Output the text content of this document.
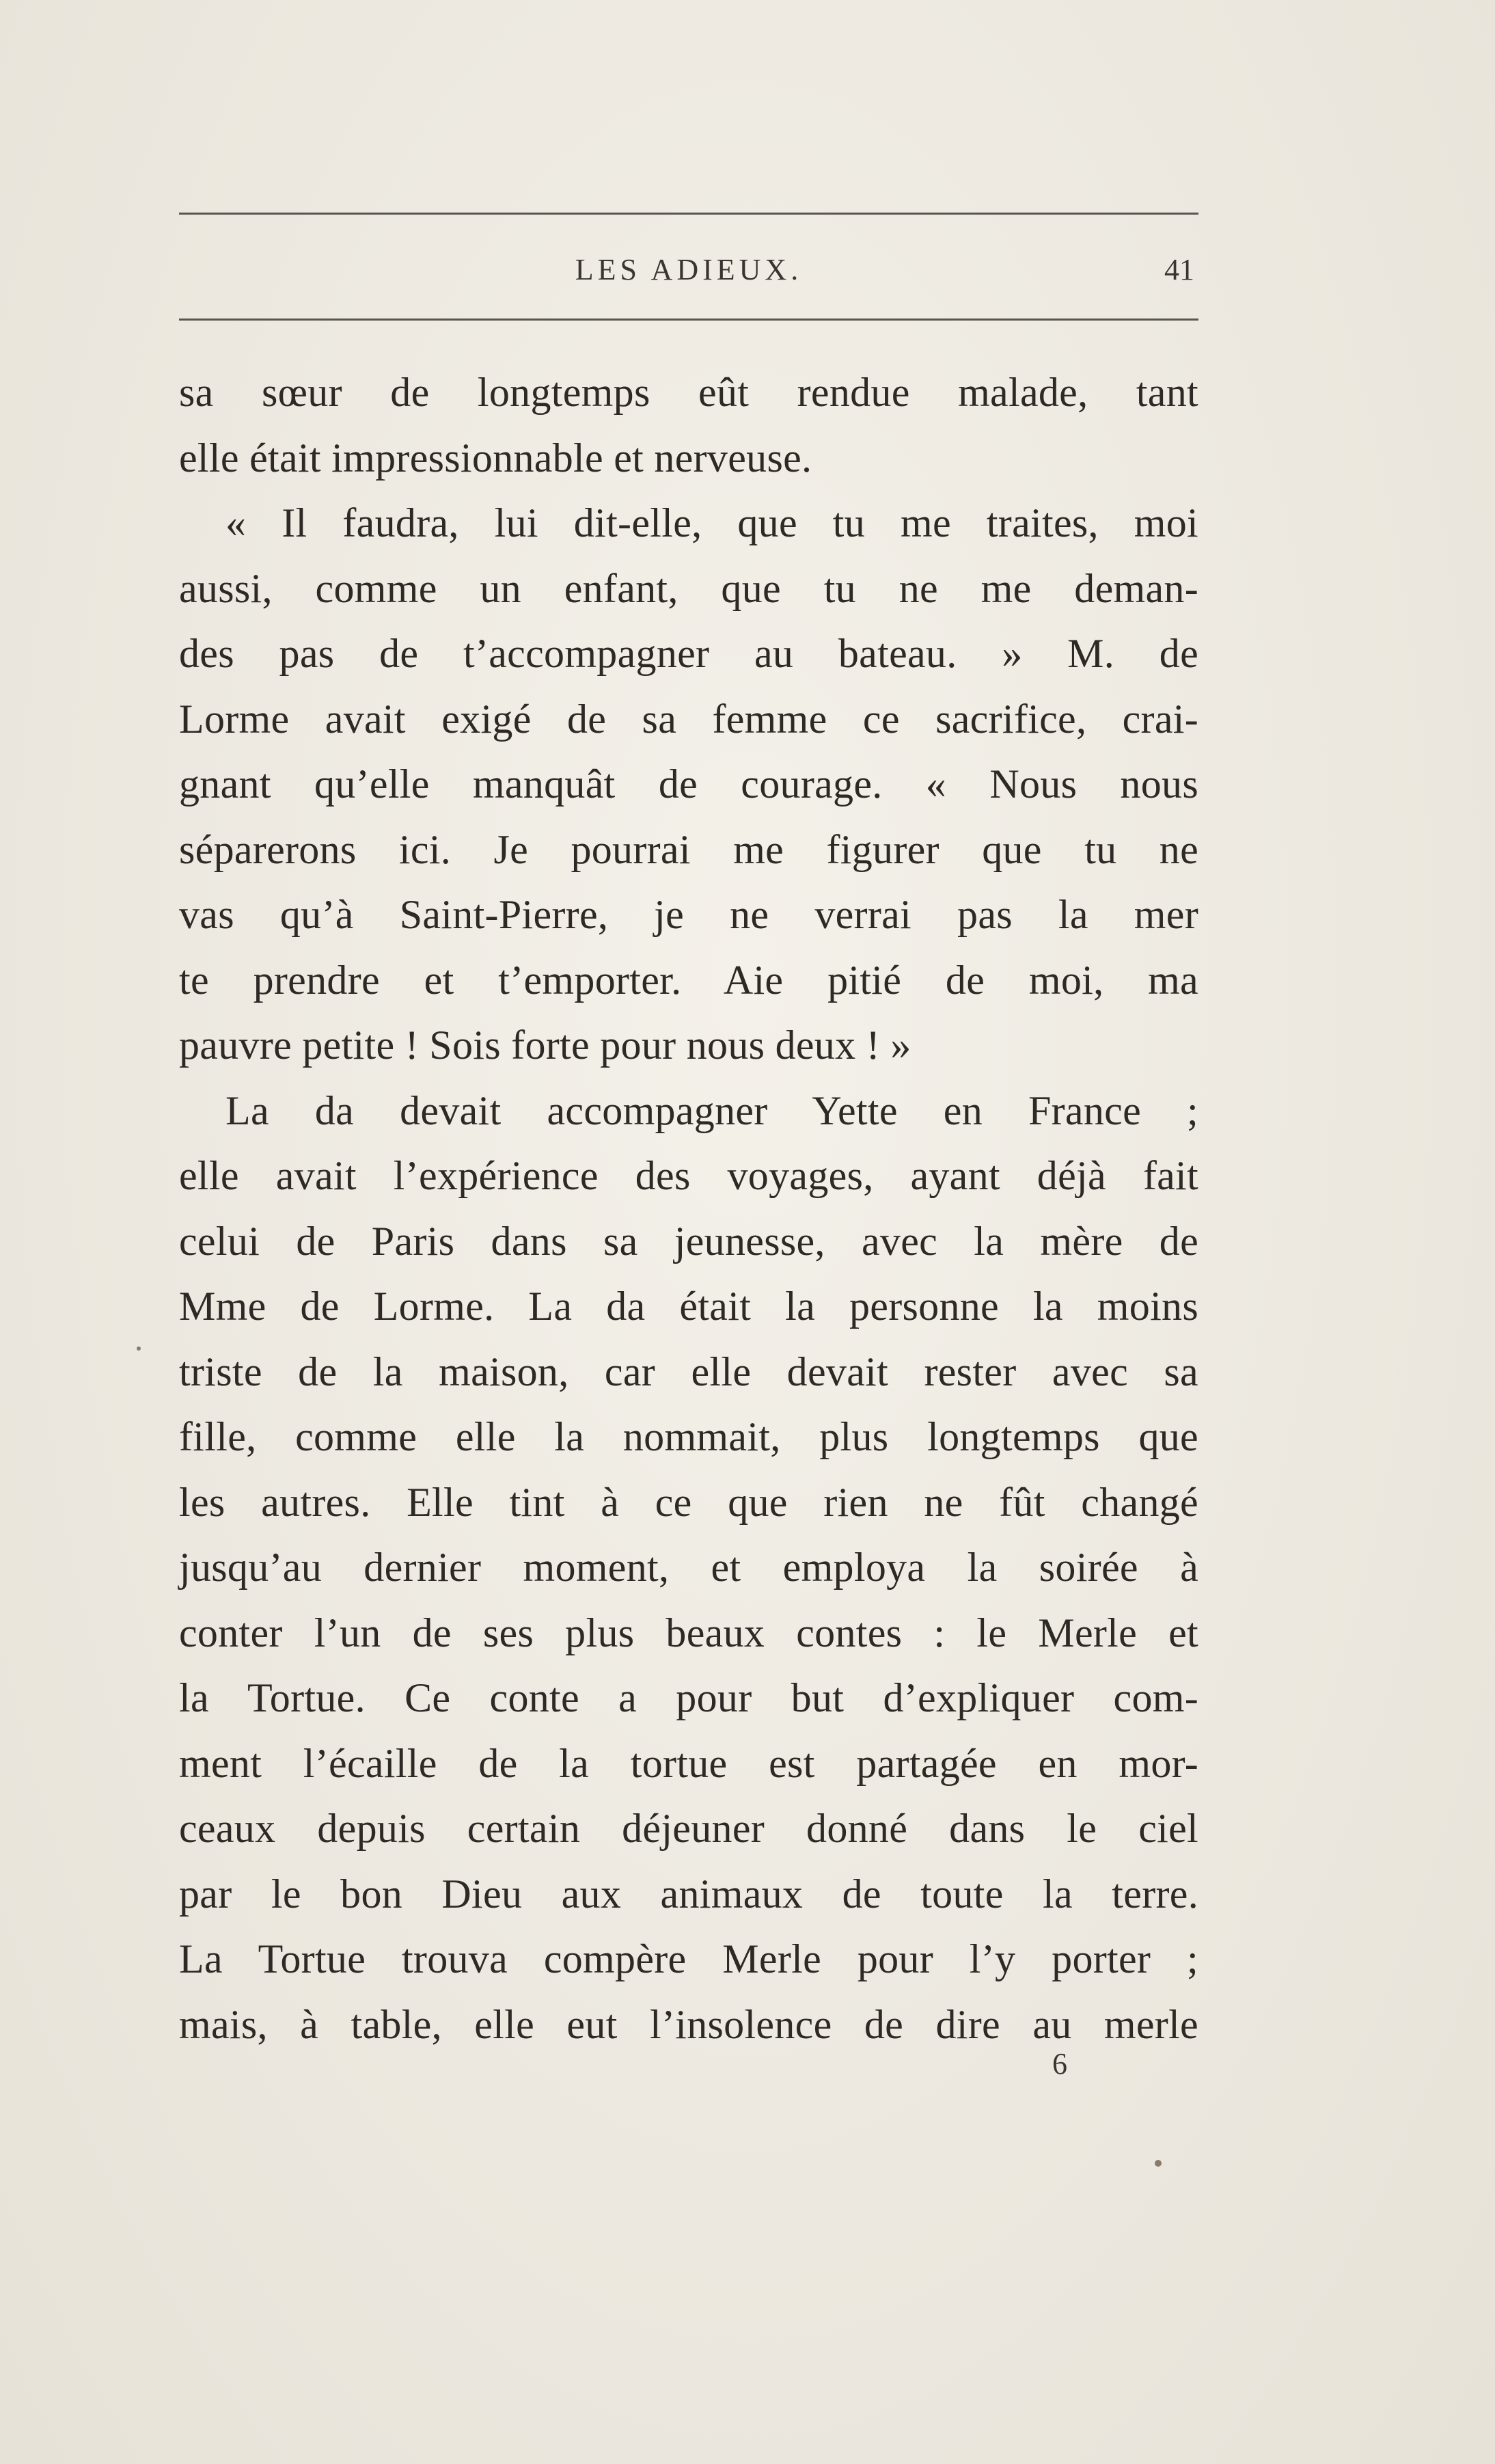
LES ADIEUX.	41
sa sœur de longtemps eût rendue malade, tant
elle était impressionnable et nerveuse.
« Il faudra, lui dit-elle, que tu me traites, moi
aussi, comme un enfant, que tu ne me deman-
des pas de t’accompagner au bateau. » M. de
Lorme avait exigé de sa femme ce sacrifice, crai-
gnant qu’elle manquât de courage. « Nous nous
séparerons ici. Je pourrai me figurer que tu ne
vas qu’à Saint-Pierre, je ne verrai pas la mer
te prendre et t’emporter. Aie pitié de moi, ma
pauvre petite ! Sois forte pour nous deux ! »
La da devait accompagner Yette en France ;
elle avait l’expérience des voyages, ayant déjà fait
celui de Paris dans sa jeunesse, avec la mère de
Mme de Lorme. La da était la personne la moins
triste de la maison, car elle devait rester avec sa
fille, comme elle la nommait, plus longtemps que
les autres. Elle tint à ce que rien ne fût changé
jusqu’au dernier moment, et employa la soirée à
conter l’un de ses plus beaux contes : le Merle et
la Tortue. Ce conte a pour but d’expliquer com-
ment l’écaille de la tortue est partagée en mor-
ceaux depuis certain déjeuner donné dans le ciel
par le bon Dieu aux animaux de toute la terre.
La Tortue trouva compère Merle pour l’y porter ;
mais, à table, elle eut l’insolence de dire au merle
6
